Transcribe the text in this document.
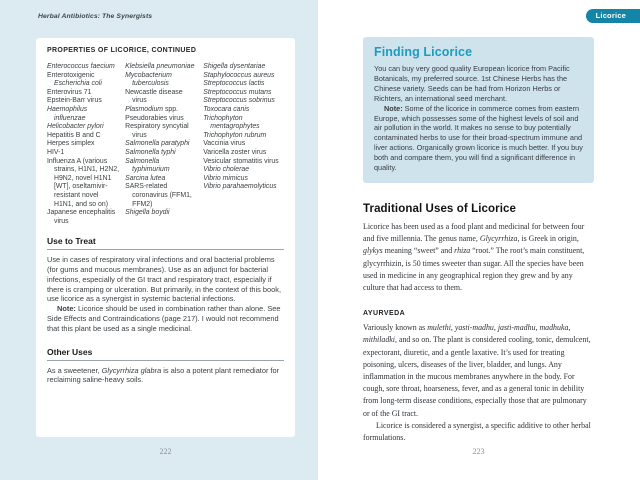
Herbal Antibiotics: The Synergists
PROPERTIES OF LICORICE, CONTINUED
Enterococcus faecium
Enterotoxigenic Escherichia coli
Enterovirus 71
Epstein-Barr virus
Haemophilus influenzae
Helicobacter pylori
Hepatitis B and C
Herpes simplex
HIV-1
Influenza A (various strains, H1N1, H2N2, H9N2, novel H1N1 [WT], oseltamivir-resistant novel H1N1, and so on)
Japanese encephalitis virus
Klebsiella pneumoniae
Mycobacterium tuberculosis
Newcastle disease virus
Plasmodium spp.
Pseudorabies virus
Respiratory syncytial virus
Salmonella paratyphi
Salmonella typhi
Salmonella typhimurium
Sarcina lutea
SARS-related coronavirus (FFM1, FFM2)
Shigella boydii
Shigella dysentariae
Staphylococcus aureus
Streptococcus lactis
Streptococcus mutans
Streptococcus sobrinus
Toxocara canis
Trichophyton mentagrophytes
Trichophyton rubrum
Vaccinia virus
Varicella zoster virus
Vesicular stomatitis virus
Vibrio cholerae
Vibrio mimicus
Vibrio parahaemolyticus
Use to Treat

Use in cases of respiratory viral infections and oral bacterial problems (for gums and mucous membranes). Use as an adjunct for bacterial infections, especially of the GI tract and respiratory tract, especially if there is cramping or ulceration. But primarily, in the context of this book, use licorice as a synergist in systemic bacterial infections.

Note: Licorice should be used in combination rather than alone. See Side Effects and Contraindications (page 217). I would not recommend that this plant be used as a single medicinal.

Other Uses

As a sweetener, Glycyrrhiza glabra is also a potent plant remediator for reclaiming saline-heavy soils.

222
Licorice
Finding Licorice

You can buy very good quality European licorice from Pacific Botanicals, my preferred source. 1st Chinese Herbs has the Chinese variety. Seeds can be had from Horizon Herbs or Richters, an international seed merchant.

Note: Some of the licorice in commerce comes from eastern Europe, which possesses some of the highest levels of soil and air pollution in the world. It makes no sense to buy potentially contaminated herbs to use for their broad-spectrum immune and liver actions. Organically grown licorice is much better. If you buy both and compare them, you will find a significant difference in quality.

Traditional Uses of Licorice

Licorice has been used as a food plant and medicinal for between four and five millennia. The genus name, Glycyrrhiza, is Greek in origin, glykys meaning “sweet” and rhiza “root.” The root’s main constituent, glycyrrhizin, is 50 times sweeter than sugar. All the species have been used in medicine in any geographical region they grew and by any culture that had access to them.

AYURVEDA

Variously known as mulethi, yasti-madhu, jasti-madhu, madhuka, mithiladki, and so on. The plant is considered cooling, tonic, demulcent, expectorant, diuretic, and a gentle laxative. It’s used for treating poisoning, ulcers, diseases of the liver, bladder, and lungs. Any inflammation in the mucous membranes anywhere in the body. For cough, sore throat, hoarseness, fever, and as a general tonic in debility from long-term disease conditions, especially those that are pulmonary or of the GI tract.

Licorice is considered a synergist, a specific additive to other herbal formulations.

223
